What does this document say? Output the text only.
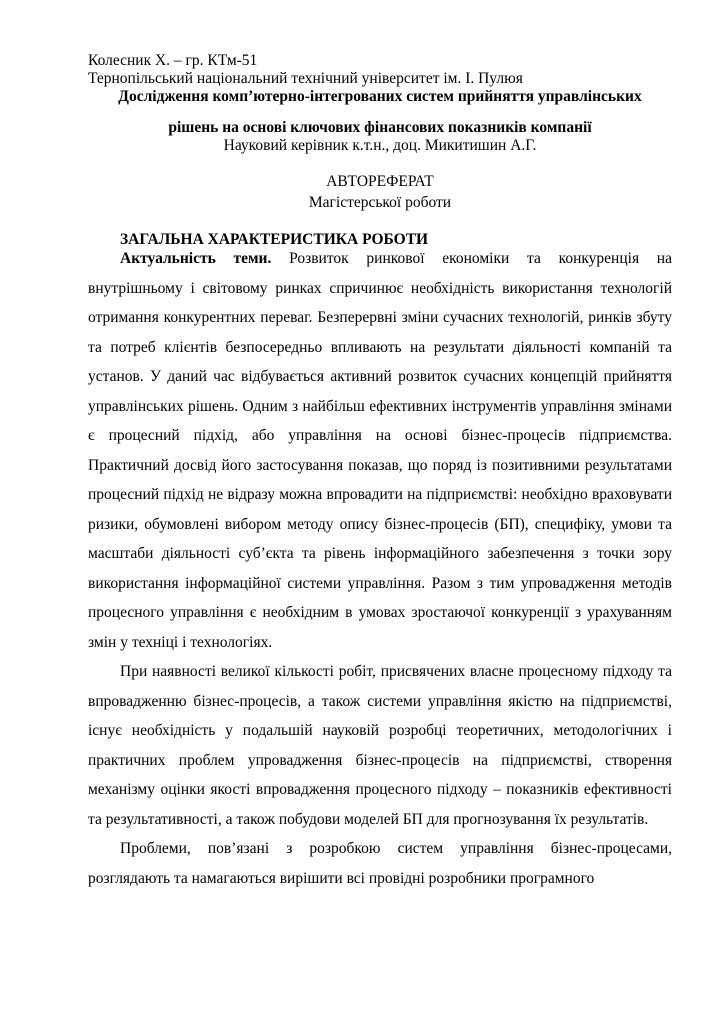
Колесник Х. – гр. КТм-51
Тернопільський національний технічний університет ім. І. Пулюя
Дослідження комп’ютерно-інтегрованих систем прийняття управлінських
рішень на основі ключових фінансових показників компанії
Науковий керівник к.т.н., доц. Микитишин А.Г.
АВТОРЕФЕРАТ
Магістерської роботи
ЗАГАЛЬНА ХАРАКТЕРИСТИКА РОБОТИ

Актуальність теми. Розвиток ринкової економіки та конкуренція на внутрішньому і світовому ринках спричинює необхідність використання технологій отримання конкурентних переваг. Безперервні зміни сучасних технологій, ринків збуту та потреб клієнтів безпосередньо впливають на результати діяльності компаній та установ. У даний час відбувається активний розвиток сучасних концепцій прийняття управлінських рішень. Одним з найбільш ефективних інструментів управління змінами є процесний підхід, або управління на основі бізнес-процесів підприємства. Практичний досвід його застосування показав, що поряд із позитивними результатами процесний підхід не відразу можна впровадити на підприємстві: необхідно враховувати ризики, обумовлені вибором методу опису бізнес-процесів (БП), специфіку, умови та масштаби діяльності суб’єкта та рівень інформаційного забезпечення з точки зору використання інформаційної системи управління. Разом з тим упровадження методів процесного управління є необхідним в умовах зростаючої конкуренції з урахуванням змін у техніці і технологіях.

При наявності великої кількості робіт, присвячених власне процесному підходу та впровадженню бізнес-процесів, а також системи управління якістю на підприємстві, існує необхідність у подальшій науковій розробці теоретичних, методологічних і практичних проблем упровадження бізнес-процесів на підприємстві, створення механізму оцінки якості впровадження процесного підходу – показників ефективності та результативності, а також побудови моделей БП для прогнозування їх результатів.

Проблеми, пов’язані з розробкою систем управління бізнес-процесами, розглядають та намагаються вирішити всі провідні розробники програмного
